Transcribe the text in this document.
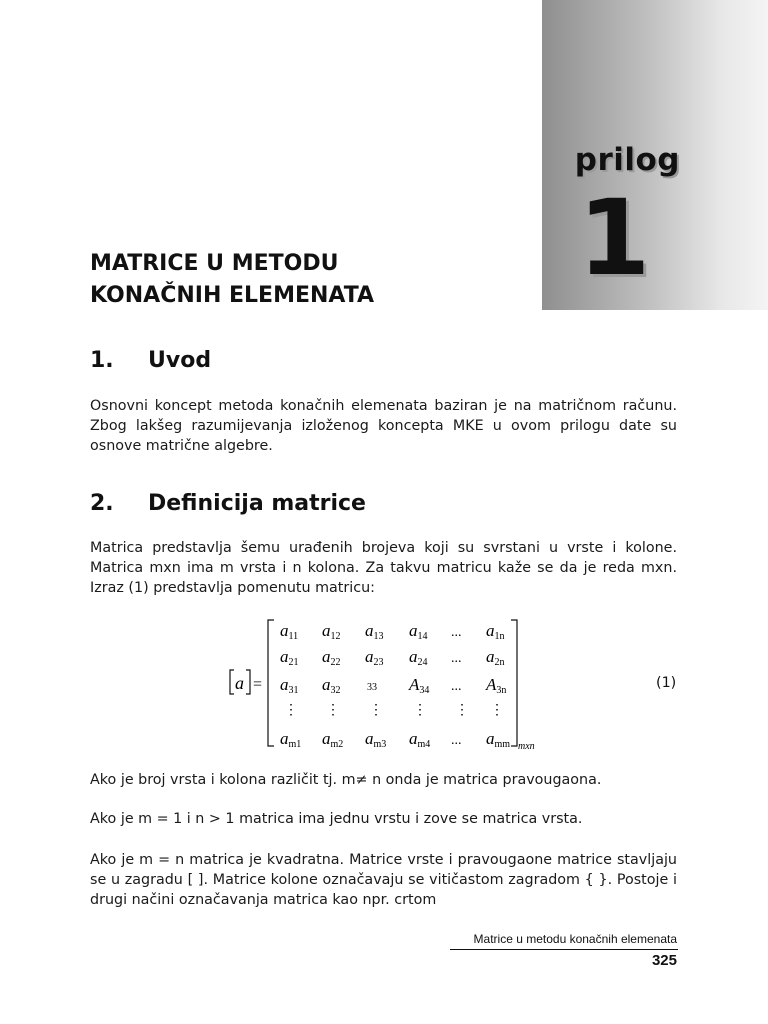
prilog
1
MATRICE U METODU
KONAČNIH ELEMENATA
1. Uvod
Osnovni koncept metoda konačnih elemenata baziran je na matričnom računu. Zbog lakšeg razumijevanja izloženog koncepta MKE u ovom prilogu date su osnove matrične algebre.
2. Definicija matrice
Matrica predstavlja šemu urađenih brojeva koji su svrstani u vrste i kolone. Matrica mxn ima m vrsta i n kolona. Za takvu matricu kaže se da je reda mxn. Izraz (1) predstavlja pomenutu matricu:
a =
a11 a12 a13 a14 ... a1n
a21 a22 a23 a24 ... a2n
a31 a32	33 A34 ... A3n
⋮ ⋮ ⋮ ⋮ ⋮ ⋮
am1 am2 am3 am4 ... amm mxn
(1)
Ako je broj vrsta i kolona različit tj. m≠ n onda je matrica pravougaona.
Ako je m = 1 i n > 1 matrica ima jednu vrstu i zove se matrica vrsta.
Ako je m = n matrica je kvadratna. Matrice vrste i pravougaone matrice stavljaju se u zagradu [ ]. Matrice kolone označavaju se vitičastom zagradom { }. Postoje i drugi načini označavanja matrica kao npr. crtom
Matrice u metodu konačnih elemenata
325
